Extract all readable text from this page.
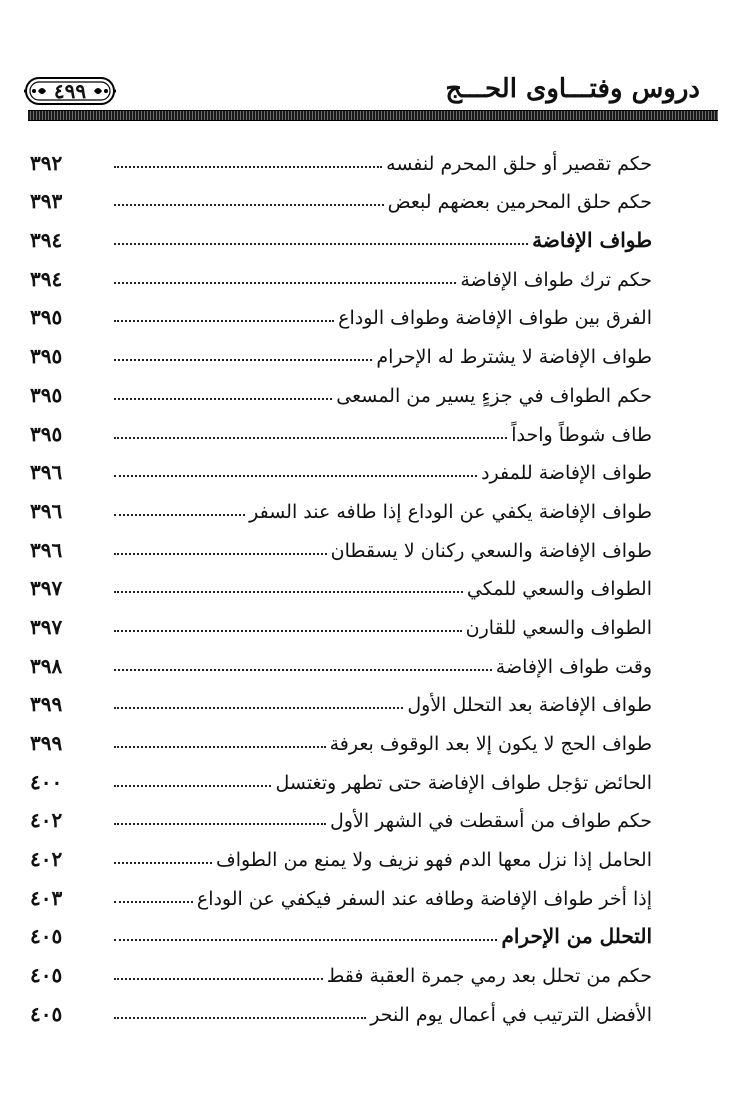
٤٩٩	دروس وفتـــاوى الحـــج
٣٩٢	حكم تقصير أو حلق المحرم لنفسه
٣٩٣	حكم حلق المحرمين بعضهم لبعض
٣٩٤	طواف الإفاضة
٣٩٤	حكم ترك طواف الإفاضة
٣٩٥	الفرق بين طواف الإفاضة وطواف الوداع
٣٩٥	طواف الإفاضة لا يشترط له الإحرام
٣٩٥	حكم الطواف في جزءٍ يسير من المسعى
٣٩٥	طاف شوطاً واحداً
٣٩٦	طواف الإفاضة للمفرد
٣٩٦	طواف الإفاضة يكفي عن الوداع إذا طافه عند السفر
٣٩٦	طواف الإفاضة والسعي ركنان لا يسقطان
٣٩٧	الطواف والسعي للمكي
٣٩٧	الطواف والسعي للقارن
٣٩٨	وقت طواف الإفاضة
٣٩٩	طواف الإفاضة بعد التحلل الأول
٣٩٩	طواف الحج لا يكون إلا بعد الوقوف بعرفة
٤٠٠	الحائض تؤجل طواف الإفاضة حتى تطهر وتغتسل
٤٠٢	حكم طواف من أسقطت في الشهر الأول
٤٠٢	الحامل إذا نزل معها الدم فهو نزيف ولا يمنع من الطواف
٤٠٣	إذا أخر طواف الإفاضة وطافه عند السفر فيكفي عن الوداع
٤٠٥	التحلل من الإحرام
٤٠٥	حكم من تحلل بعد رمي جمرة العقبة فقط
٤٠٥	الأفضل الترتيب في أعمال يوم النحر
